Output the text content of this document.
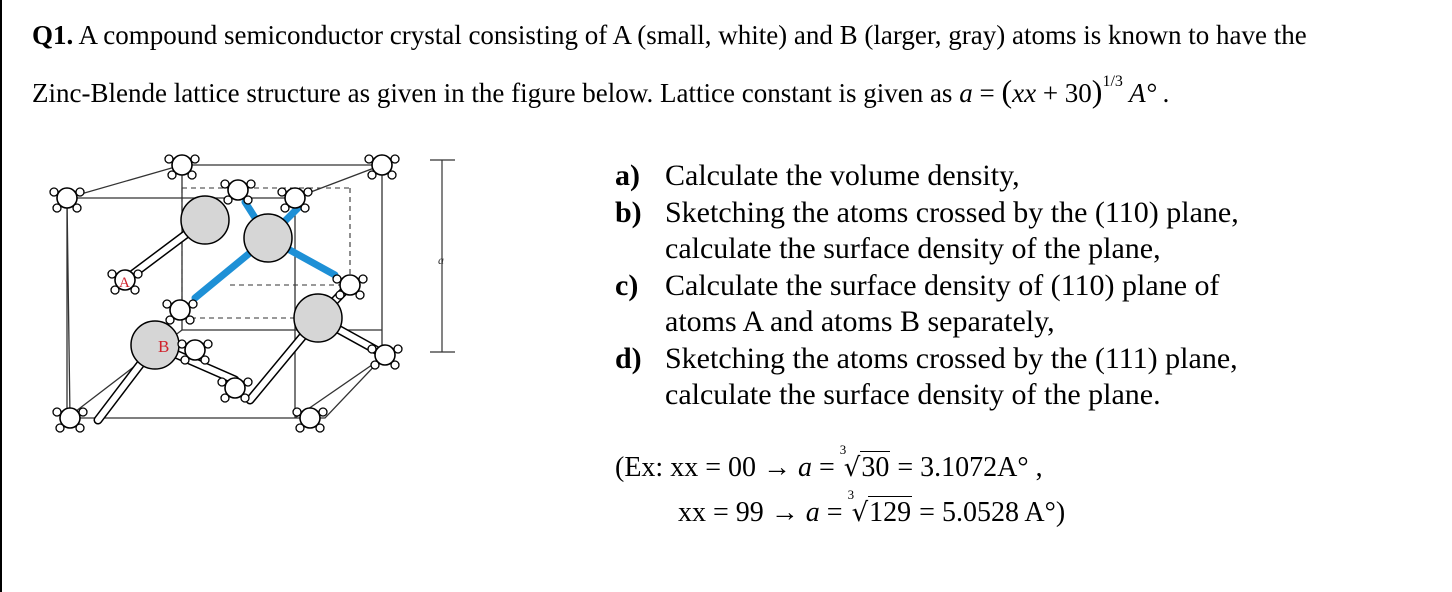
Q1. A compound semiconductor crystal consisting of A (small, white) and B (larger, gray) atoms is known to have the
Zinc-Blende lattice structure as given in the figure below. Lattice constant is given as a = (xx + 30)$^{1/3}$ A° .
a
A
B
a) Calculate the volume density,
b) Sketching the atoms crossed by the (110) plane, calculate the surface density of the plane,
c) Calculate the surface density of (110) plane of atoms A and atoms B separately,
d) Sketching the atoms crossed by the (111) plane, calculate the surface density of the plane.
(Ex: xx = 00 → a =
3
√30 = 3.1072A° ,
xx = 99 → a =
3
√129 = 5.0528 A°)
